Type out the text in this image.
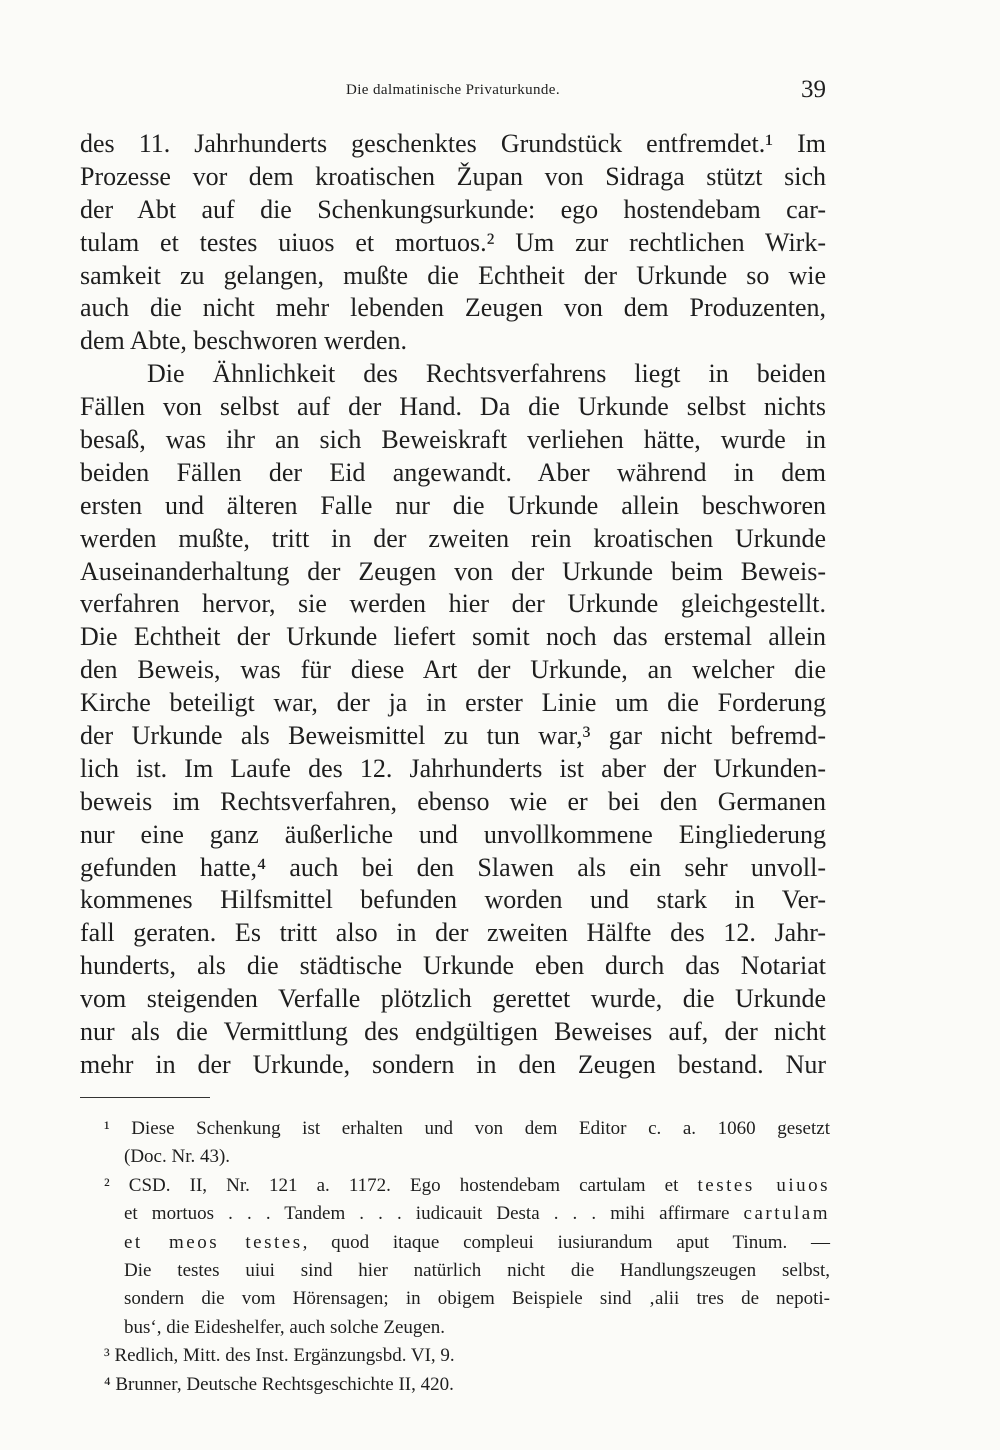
Die dalmatinische Privaturkunde.	39
des 11. Jahrhunderts geschenktes Grundstück entfremdet.¹ Im
Prozesse vor dem kroatischen Župan von Sidraga stützt sich
der Abt auf die Schenkungsurkunde: ego hostendebam car-
tulam et testes uiuos et mortuos.² Um zur rechtlichen Wirk-
samkeit zu gelangen, mußte die Echtheit der Urkunde so wie
auch die nicht mehr lebenden Zeugen von dem Produzenten,
dem Abte, beschworen werden.
Die Ähnlichkeit des Rechtsverfahrens liegt in beiden
Fällen von selbst auf der Hand. Da die Urkunde selbst nichts
besaß, was ihr an sich Beweiskraft verliehen hätte, wurde in
beiden Fällen der Eid angewandt. Aber während in dem
ersten und älteren Falle nur die Urkunde allein beschworen
werden mußte, tritt in der zweiten rein kroatischen Urkunde
Auseinanderhaltung der Zeugen von der Urkunde beim Beweis-
verfahren hervor, sie werden hier der Urkunde gleichgestellt.
Die Echtheit der Urkunde liefert somit noch das erstemal allein
den Beweis, was für diese Art der Urkunde, an welcher die
Kirche beteiligt war, der ja in erster Linie um die Forderung
der Urkunde als Beweismittel zu tun war,³ gar nicht befremd-
lich ist. Im Laufe des 12. Jahrhunderts ist aber der Urkunden-
beweis im Rechtsverfahren, ebenso wie er bei den Germanen
nur eine ganz äußerliche und unvollkommene Eingliederung
gefunden hatte,⁴ auch bei den Slawen als ein sehr unvoll-
kommenes Hilfsmittel befunden worden und stark in Ver-
fall geraten. Es tritt also in der zweiten Hälfte des 12. Jahr-
hunderts, als die städtische Urkunde eben durch das Notariat
vom steigenden Verfalle plötzlich gerettet wurde, die Urkunde
nur als die Vermittlung des endgültigen Beweises auf, der nicht
mehr in der Urkunde, sondern in den Zeugen bestand. Nur
¹ Diese Schenkung ist erhalten und von dem Editor c. a. 1060 gesetzt
(Doc. Nr. 43).
² CSD. II, Nr. 121 a. 1172. Ego hostendebam cartulam et testes uiuos
et mortuos . . . Tandem . . . iudicauit Desta . . . mihi affirmare cartulam
et meos testes, quod itaque compleui iusiurandum aput Tinum. —
Die testes uiui sind hier natürlich nicht die Handlungszeugen selbst,
sondern die vom Hörensagen; in obigem Beispiele sind ‚alii tres de nepoti-
bus‘, die Eideshelfer, auch solche Zeugen.
³ Redlich, Mitt. des Inst. Ergänzungsbd. VI, 9.
⁴ Brunner, Deutsche Rechtsgeschichte II, 420.
